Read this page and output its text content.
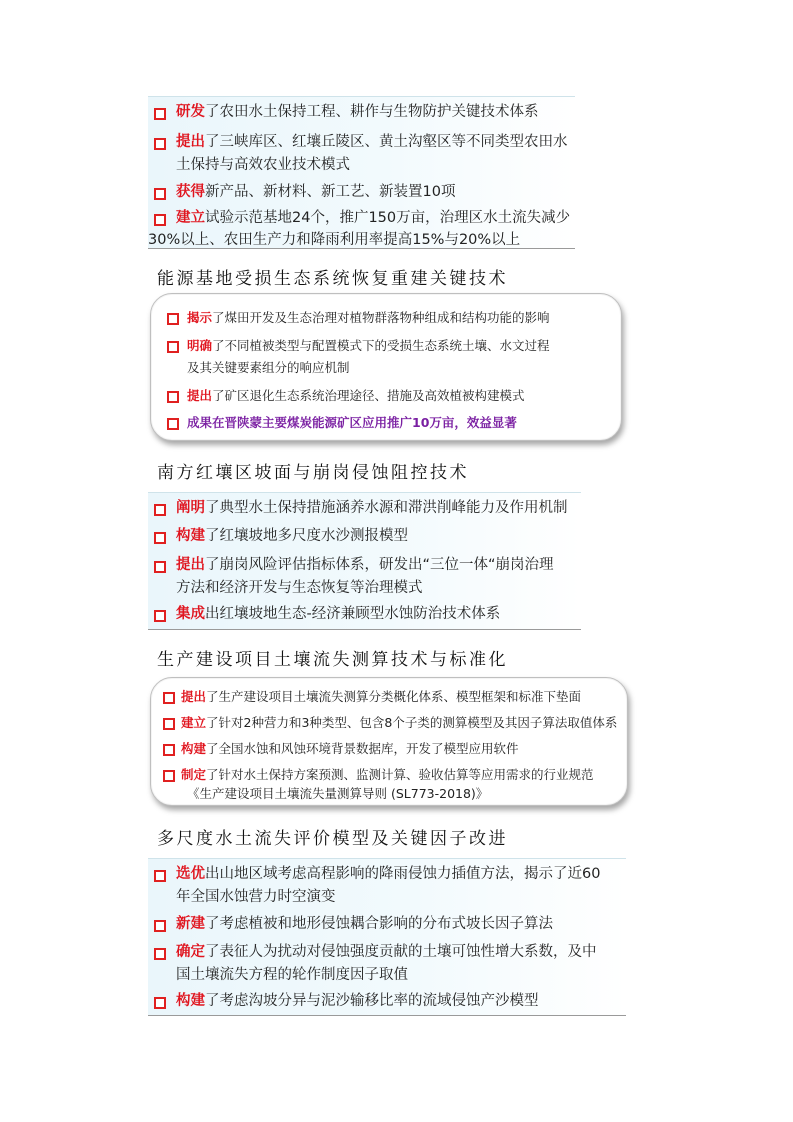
研发了农田水土保持工程、耕作与生物防护关键技术体系
提出了三峡库区、红壤丘陵区、黄土沟壑区等不同类型农田水
土保持与高效农业技术模式
获得新产品、新材料、新工艺、新装置10项
建立试验示范基地24个，推广150万亩，治理区水土流失减少
30%以上、农田生产力和降雨利用率提高15%与20%以上
能源基地受损生态系统恢复重建关键技术
揭示了煤田开发及生态治理对植物群落物种组成和结构功能的影响
明确了不同植被类型与配置模式下的受损生态系统土壤、水文过程
及其关键要素组分的响应机制
提出了矿区退化生态系统治理途径、措施及高效植被构建模式
成果在晋陕蒙主要煤炭能源矿区应用推广10万亩，效益显著
南方红壤区坡面与崩岗侵蚀阻控技术
阐明了典型水土保持措施涵养水源和滞洪削峰能力及作用机制
构建了红壤坡地多尺度水沙测报模型
提出了崩岗风险评估指标体系，研发出“三位一体“崩岗治理
方法和经济开发与生态恢复等治理模式
集成出红壤坡地生态-经济兼顾型水蚀防治技术体系
生产建设项目土壤流失测算技术与标准化
提出了生产建设项目土壤流失测算分类概化体系、模型框架和标准下垫面
建立了针对2种营力和3种类型、包含8个子类的测算模型及其因子算法取值体系
构建了全国水蚀和风蚀环境背景数据库，开发了模型应用软件
制定了针对水土保持方案预测、监测计算、验收估算等应用需求的行业规范
《生产建设项目土壤流失量测算导则 (SL773-2018)》
多尺度水土流失评价模型及关键因子改进
选优出山地区域考虑高程影响的降雨侵蚀力插值方法，揭示了近60
年全国水蚀营力时空演变
新建了考虑植被和地形侵蚀耦合影响的分布式坡长因子算法
确定了表征人为扰动对侵蚀强度贡献的土壤可蚀性增大系数，及中
国土壤流失方程的轮作制度因子取值
构建了考虑沟坡分异与泥沙输移比率的流域侵蚀产沙模型
